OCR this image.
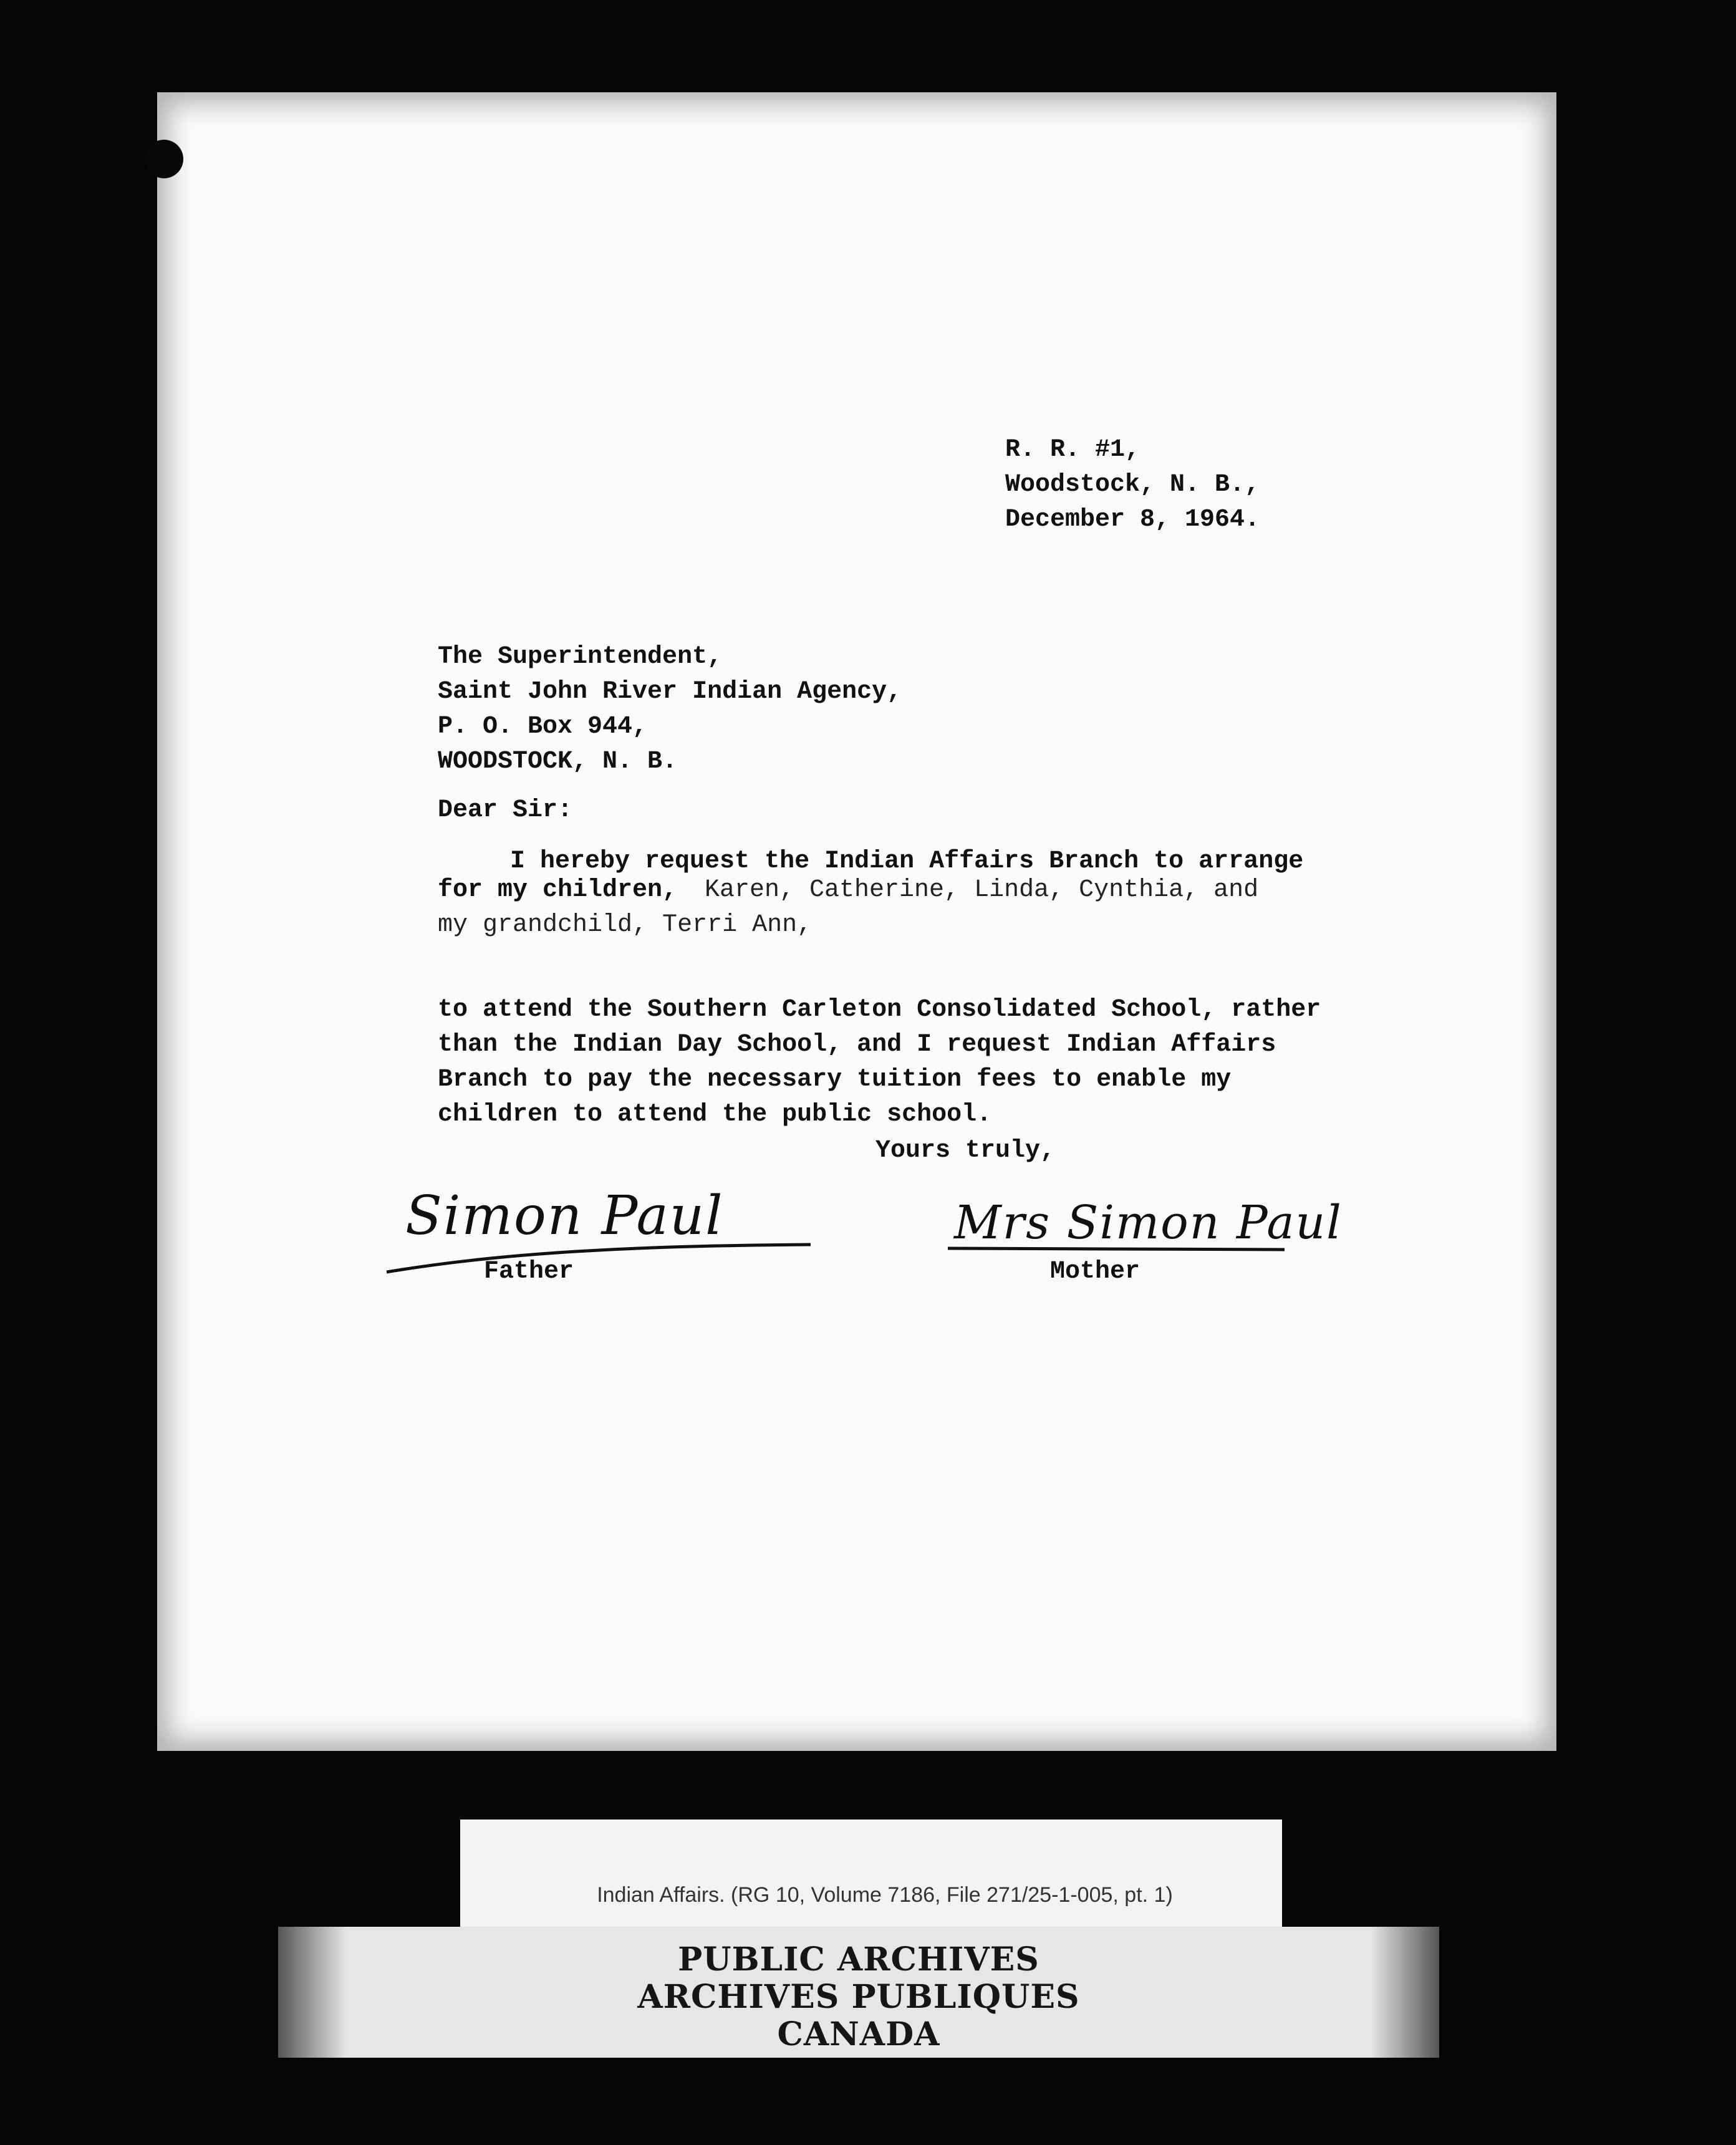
R. R. #1,

Woodstock, N. B.,

December 8, 1964.

The Superintendent,

Saint John River Indian Agency,

P. O. Box 944,

WOODSTOCK, N. B.

Dear Sir:

I hereby request the Indian Affairs Branch to arrange

for my children, Karen, Catherine, Linda, Cynthia, and

my grandchild, Terri Ann,

to attend the Southern Carleton Consolidated School, rather

than the Indian Day School, and I request Indian Affairs

Branch to pay the necessary tuition fees to enable my

children to attend the public school.

Yours truly,

Simon Paul

Father

Mrs Simon Paul

Mother

Indian Affairs. (RG 10, Volume 7186, File 271/25-1-005, pt. 1)
PUBLIC ARCHIVES
ARCHIVES PUBLIQUES
CANADA
